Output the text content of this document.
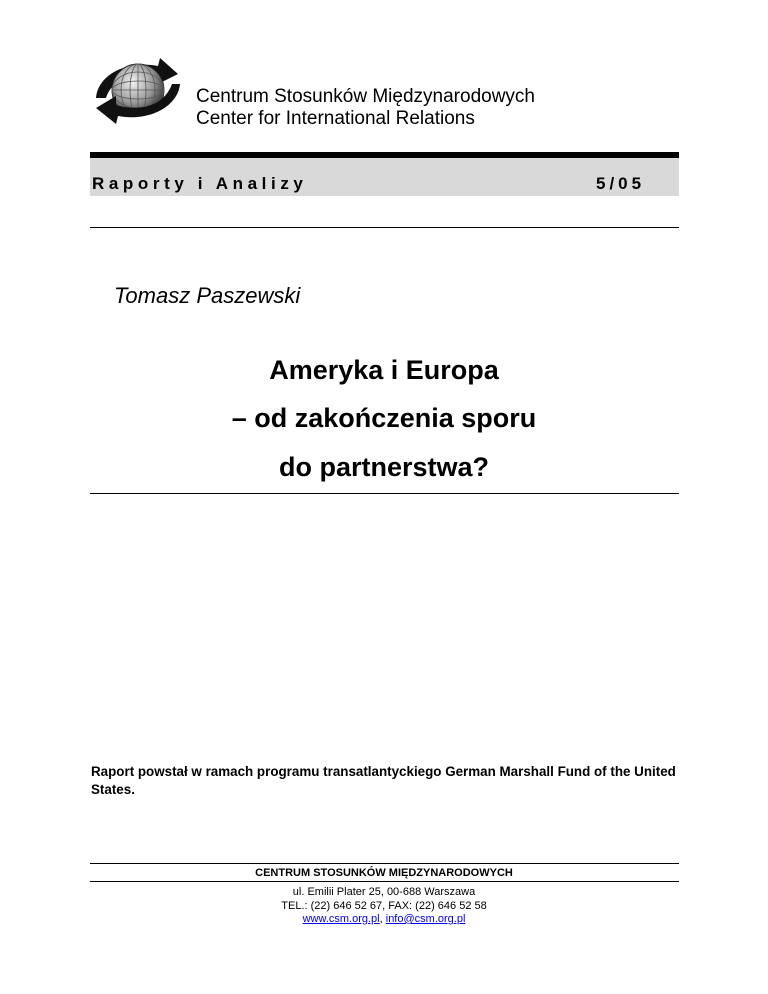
Centrum Stosunków Międzynarodowych
Center for International Relations
Raporty i Analizy	5/05
Tomasz Paszewski
Ameryka i Europa
– od zakończenia sporu
do partnerstwa?
Raport powstał w ramach programu transatlantyckiego German Marshall Fund of the United States.
CENTRUM STOSUNKÓW MIĘDZYNARODOWYCH
ul. Emilii Plater 25, 00-688 Warszawa
TEL.: (22) 646 52 67, FAX: (22) 646 52 58
www.csm.org.pl, info@csm.org.pl
